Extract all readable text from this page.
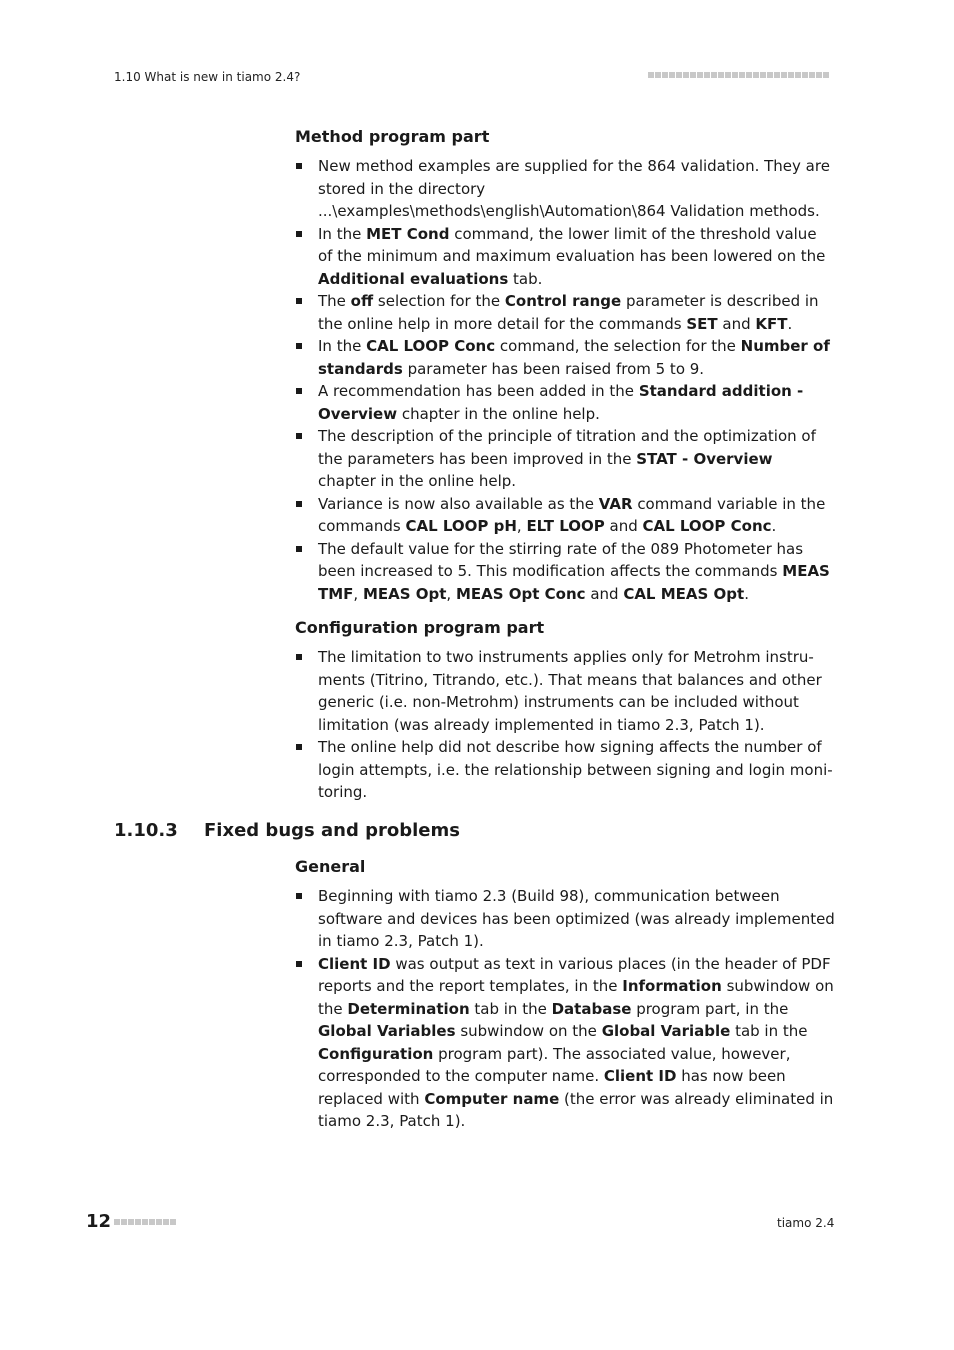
1.10 What is new in tiamo 2.4?
Method program part
New method examples are supplied for the 864 validation. They are stored in the directory ...\examples\methods\english\Automation\864 Validation methods.
In the MET Cond command, the lower limit of the threshold value of the minimum and maximum evaluation has been lowered on the Additional evaluations tab.
The off selection for the Control range parameter is described in the online help in more detail for the commands SET and KFT.
In the CAL LOOP Conc command, the selection for the Number of standards parameter has been raised from 5 to 9.
A recommendation has been added in the Standard addition - Overview chapter in the online help.
The description of the principle of titration and the optimization of the parameters has been improved in the STAT - Overview chapter in the online help.
Variance is now also available as the VAR command variable in the commands CAL LOOP pH, ELT LOOP and CAL LOOP Conc.
The default value for the stirring rate of the 089 Photometer has been increased to 5. This modification affects the commands MEAS TMF, MEAS Opt, MEAS Opt Conc and CAL MEAS Opt.
Configuration program part
The limitation to two instruments applies only for Metrohm instruments (Titrino, Titrando, etc.). That means that balances and other generic (i.e. non-Metrohm) instruments can be included without limitation (was already implemented in tiamo 2.3, Patch 1).
The online help did not describe how signing affects the number of login attempts, i.e. the relationship between signing and login monitoring.
1.10.3 Fixed bugs and problems
General
Beginning with tiamo 2.3 (Build 98), communication between software and devices has been optimized (was already implemented in tiamo 2.3, Patch 1).
Client ID was output as text in various places (in the header of PDF reports and the report templates, in the Information subwindow on the Determination tab in the Database program part, in the Global Variables subwindow on the Global Variable tab in the Configuration program part). The associated value, however, corresponded to the computer name. Client ID has now been replaced with Computer name (the error was already eliminated in tiamo 2.3, Patch 1).
12	tiamo 2.4
